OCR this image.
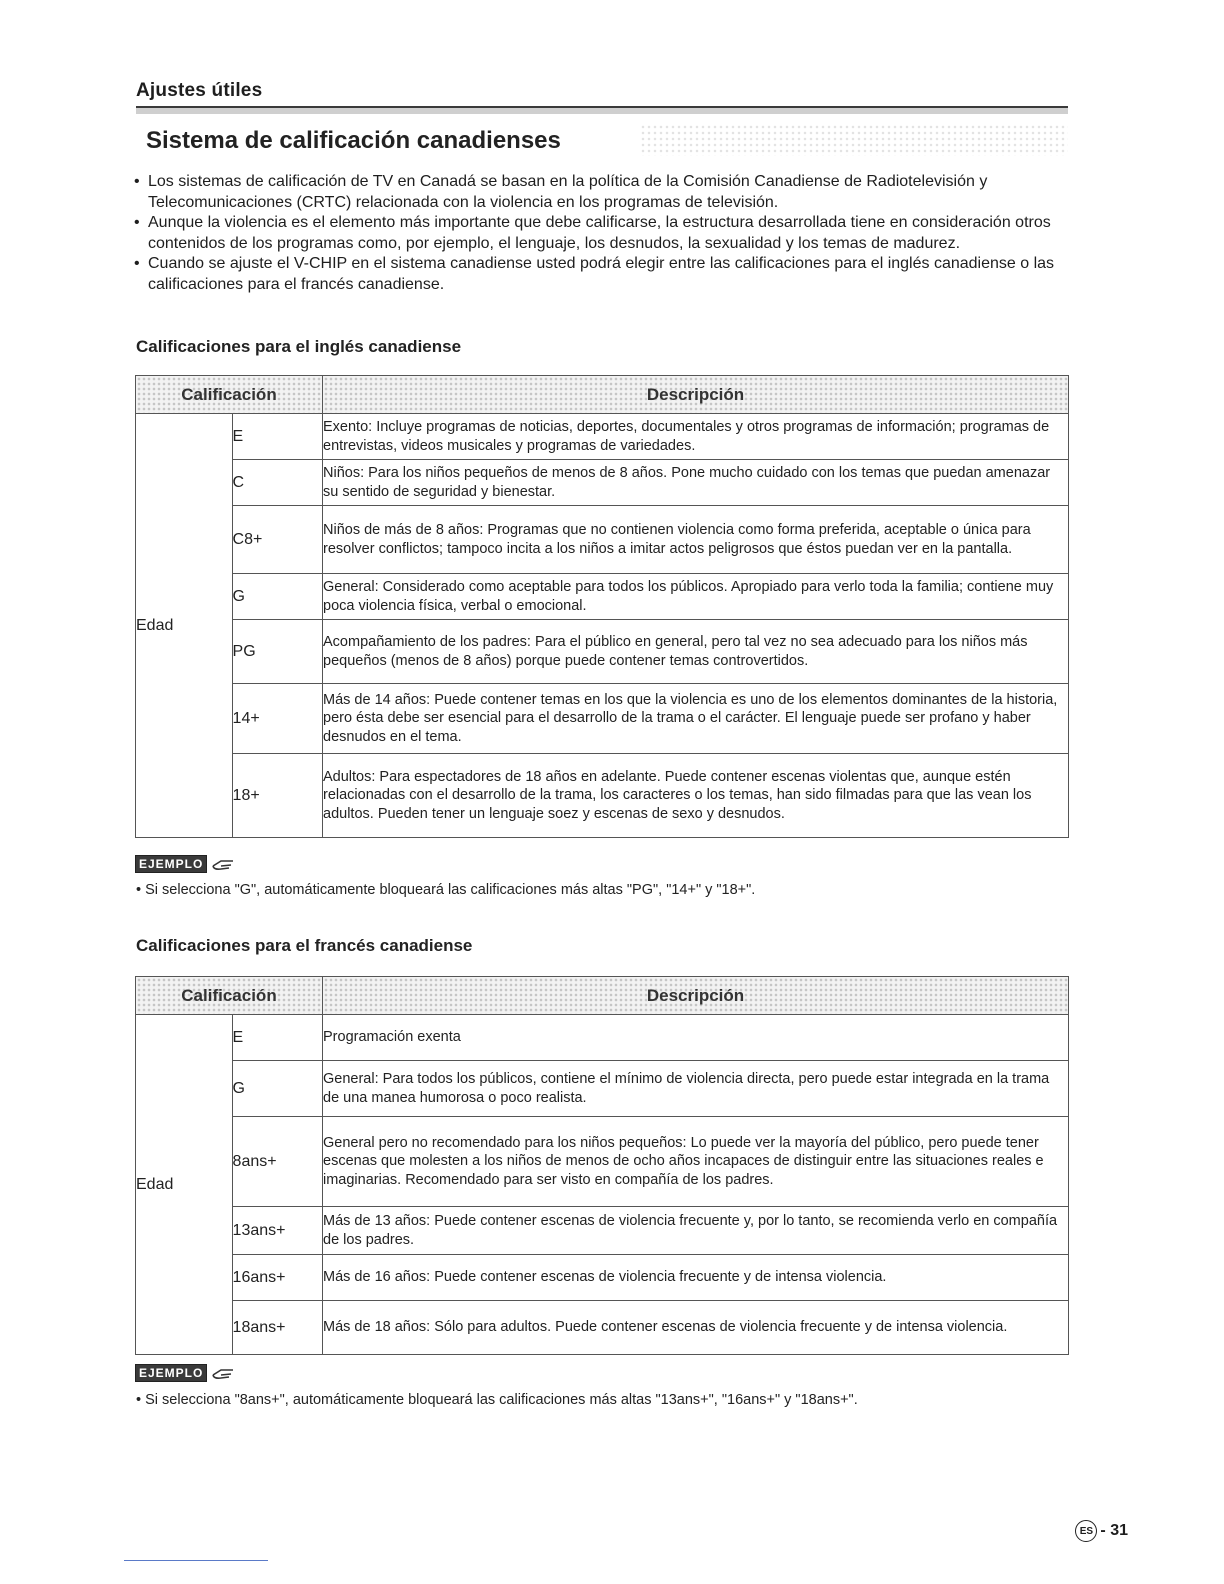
Ajustes útiles
Sistema de calificación canadienses
• Los sistemas de calificación de TV en Canadá se basan en la política de la Comisión Canadiense de Radiotelevisión y Telecomunicaciones (CRTC) relacionada con la violencia en los programas de televisión.
• Aunque la violencia es el elemento más importante que debe calificarse, la estructura desarrollada tiene en consideración otros contenidos de los programas como, por ejemplo, el lenguaje, los desnudos, la sexualidad y los temas de madurez.
• Cuando se ajuste el V-CHIP en el sistema canadiense usted podrá elegir entre las calificaciones para el inglés canadiense o las calificaciones para el francés canadiense.
Calificaciones para el inglés canadiense
Calificación		Descripción
Edad	E	Exento: Incluye programas de noticias, deportes, documentales y otros programas de información; programas de entrevistas, videos musicales y programas de variedades.
	C	Niños: Para los niños pequeños de menos de 8 años. Pone mucho cuidado con los temas que puedan amenazar su sentido de seguridad y bienestar.
	C8+	Niños de más de 8 años: Programas que no contienen violencia como forma preferida, aceptable o única para resolver conflictos; tampoco incita a los niños a imitar actos peligrosos que éstos puedan ver en la pantalla.
	G	General: Considerado como aceptable para todos los públicos. Apropiado para verlo toda la familia; contiene muy poca violencia física, verbal o emocional.
	PG	Acompañamiento de los padres: Para el público en general, pero tal vez no sea adecuado para los niños más pequeños (menos de 8 años) porque puede contener temas controvertidos.
	14+	Más de 14 años: Puede contener temas en los que la violencia es uno de los elementos dominantes de la historia, pero ésta debe ser esencial para el desarrollo de la trama o el carácter. El lenguaje puede ser profano y haber desnudos en el tema.
	18+	Adultos: Para espectadores de 18 años en adelante. Puede contener escenas violentas que, aunque estén relacionadas con el desarrollo de la trama, los caracteres o los temas, han sido filmadas para que las vean los adultos. Pueden tener un lenguaje soez y escenas de sexo y desnudos.
EJEMPLO
• Si selecciona "G", automáticamente bloqueará las calificaciones más altas "PG", "14+" y "18+".
Calificaciones para el francés canadiense
Calificación		Descripción
Edad	E	Programación exenta
	G	General: Para todos los públicos, contiene el mínimo de violencia directa, pero puede estar integrada en la trama de una manea humorosa o poco realista.
	8ans+	General pero no recomendado para los niños pequeños: Lo puede ver la mayoría del público, pero puede tener escenas que molesten a los niños de menos de ocho años incapaces de distinguir entre las situaciones reales e imaginarias. Recomendado para ser visto en compañía de los padres.
	13ans+	Más de 13 años: Puede contener escenas de violencia frecuente y, por lo tanto, se recomienda verlo en compañía de los padres.
	16ans+	Más de 16 años: Puede contener escenas de violencia frecuente y de intensa violencia.
	18ans+	Más de 18 años: Sólo para adultos. Puede contener escenas de violencia frecuente y de intensa violencia.
EJEMPLO
• Si selecciona "8ans+", automáticamente bloqueará las calificaciones más altas "13ans+", "16ans+" y "18ans+".
ES - 31
